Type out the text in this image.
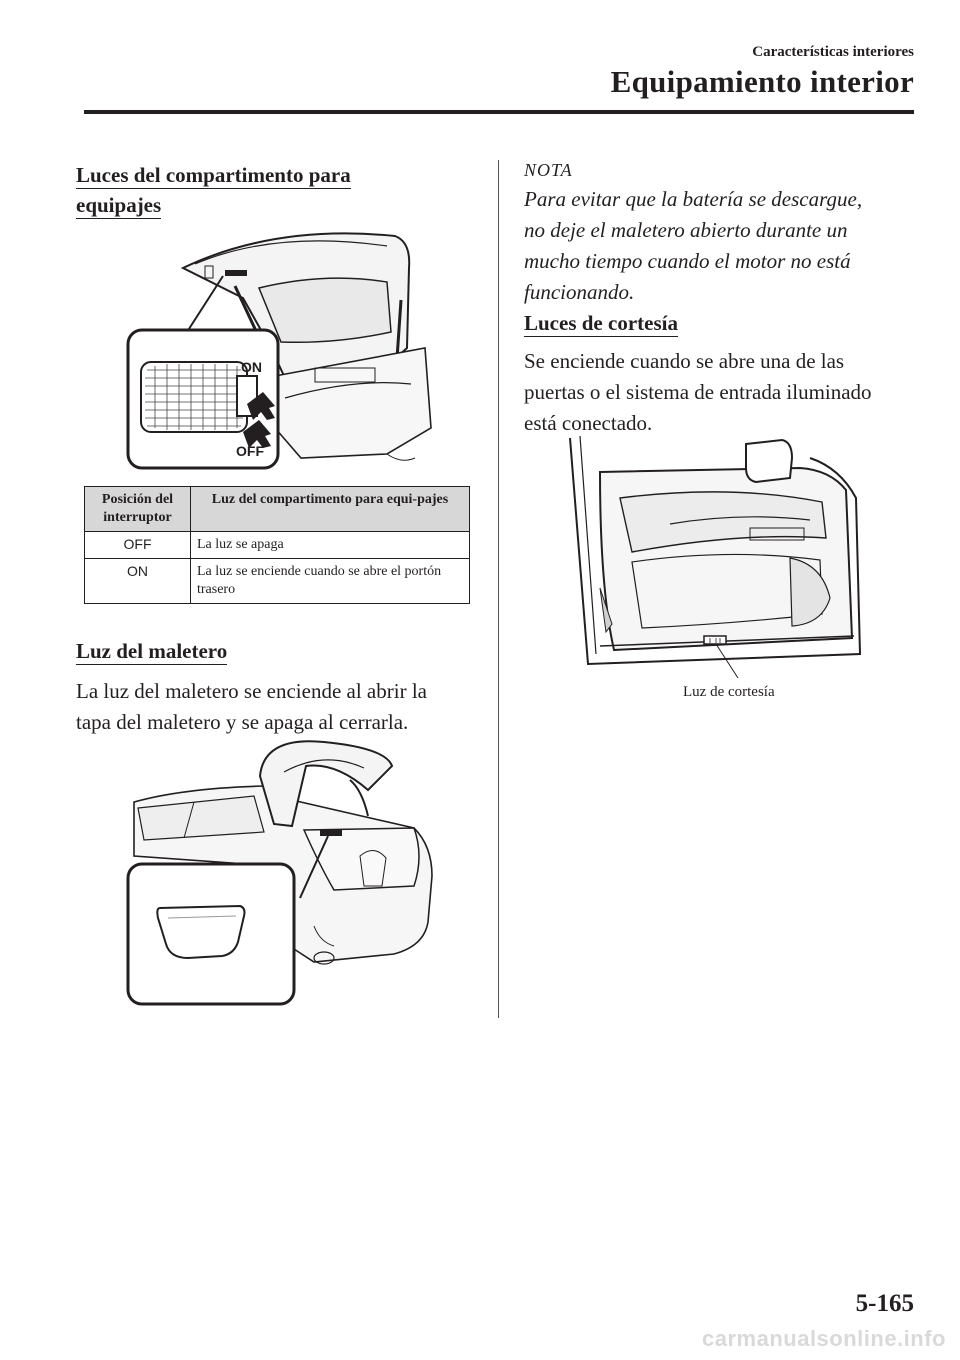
Características interiores
Equipamiento interior
Luces del compartimento para
equipajes
ON
OFF
Posición del interruptor	Luz del compartimento para equi-pajes
OFF	La luz se apaga
ON	La luz se enciende cuando se abre el portón trasero
Luz del maletero
La luz del maletero se enciende al abrir la
tapa del maletero y se apaga al cerrarla.
NOTA
Para evitar que la batería se descargue,
no deje el maletero abierto durante un
mucho tiempo cuando el motor no está
funcionando.
Luces de cortesía
Se enciende cuando se abre una de las
puertas o el sistema de entrada iluminado
está conectado.
Luz de cortesía
5-165
carmanualsonline.info
